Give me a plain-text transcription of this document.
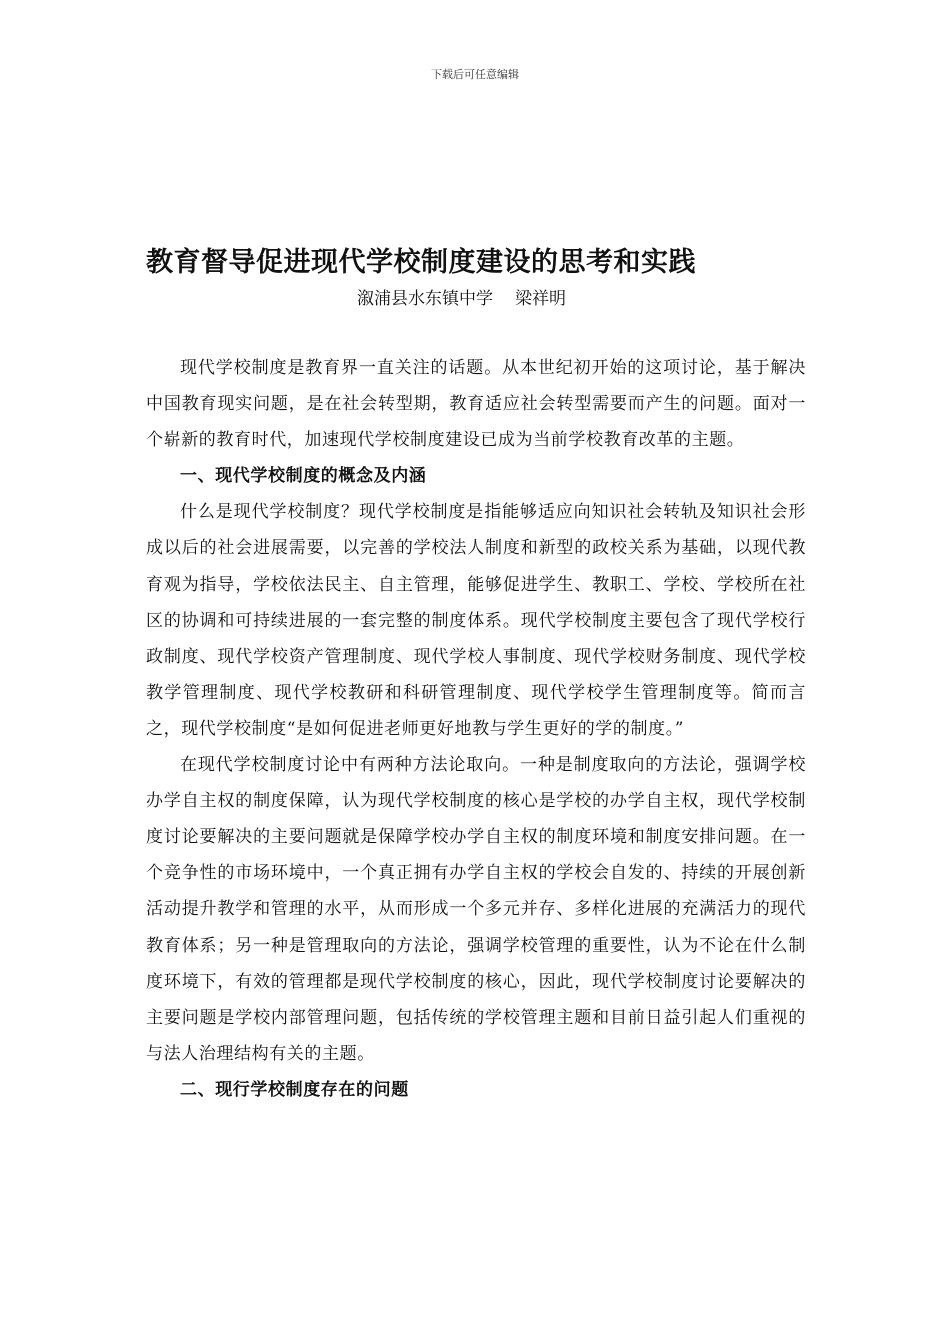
下载后可任意编辑
教育督导促进现代学校制度建设的思考和实践
溆浦县水东镇中学 梁祥明

现代学校制度是教育界一直关注的话题。从本世纪初开始的这项讨论，基于解决中国教育现实问题，是在社会转型期，教育适应社会转型需要而产生的问题。面对一个崭新的教育时代，加速现代学校制度建设已成为当前学校教育改革的主题。

一、现代学校制度的概念及内涵

什么是现代学校制度？现代学校制度是指能够适应向知识社会转轨及知识社会形成以后的社会进展需要，以完善的学校法人制度和新型的政校关系为基础，以现代教育观为指导，学校依法民主、自主管理，能够促进学生、教职工、学校、学校所在社区的协调和可持续进展的一套完整的制度体系。现代学校制度主要包含了现代学校行政制度、现代学校资产管理制度、现代学校人事制度、现代学校财务制度、现代学校教学管理制度、现代学校教研和科研管理制度、现代学校学生管理制度等。简而言之，现代学校制度“是如何促进老师更好地教与学生更好的学的制度。”

在现代学校制度讨论中有两种方法论取向。一种是制度取向的方法论，强调学校办学自主权的制度保障，认为现代学校制度的核心是学校的办学自主权，现代学校制度讨论要解决的主要问题就是保障学校办学自主权的制度环境和制度安排问题。在一个竞争性的市场环境中，一个真正拥有办学自主权的学校会自发的、持续的开展创新活动提升教学和管理的水平，从而形成一个多元并存、多样化进展的充满活力的现代教育体系；另一种是管理取向的方法论，强调学校管理的重要性，认为不论在什么制度环境下，有效的管理都是现代学校制度的核心，因此，现代学校制度讨论要解决的主要问题是学校内部管理问题，包括传统的学校管理主题和目前日益引起人们重视的与法人治理结构有关的主题。

二、现行学校制度存在的问题
